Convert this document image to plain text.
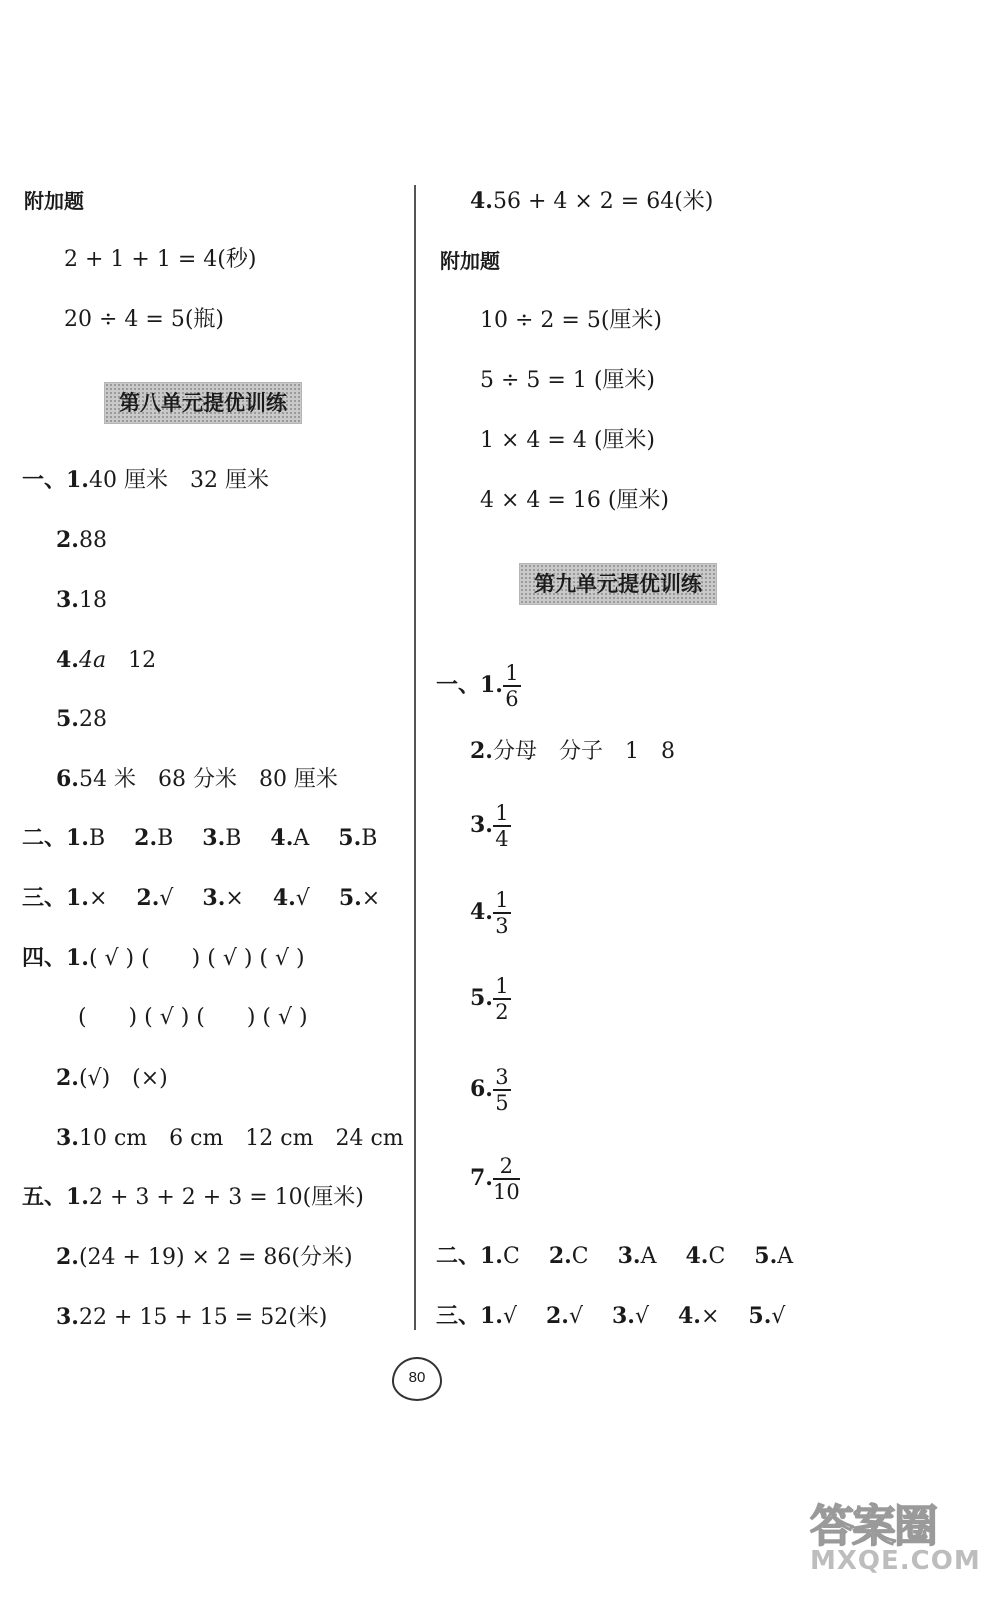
附加题
2 + 1 + 1 = 4(秒)
20 ÷ 4 = 5(瓶)
第八单元提优训练
一、1.40 厘米　32 厘米
2.88
3.18
4.4a 12
5.28
6.54 米　68 分米　80 厘米
二、1.B 2.B 3.B 4.A 5.B
三、1.× 2.√ 3.× 4.√ 5.×
四、1.( √ ) (      ) ( √ ) ( √ )
(      ) ( √ ) (      ) ( √ )
2.(√)　(×)
3.10 cm　6 cm　12 cm　24 cm
五、1.2 + 3 + 2 + 3 = 10(厘米)
2.(24 + 19) × 2 = 86(分米)
3.22 + 15 + 15 = 52(米)
4.56 + 4 × 2 = 64(米)
附加题
10 ÷ 2 = 5(厘米)
5 ÷ 5 = 1 (厘米)
1 × 4 = 4 (厘米)
4 × 4 = 16 (厘米)
第九单元提优训练
一、1. $\frac{1}{6}$
2.分母　分子　1　8
3. $\frac{1}{4}$
4. $\frac{1}{3}$
5. $\frac{1}{2}$
6. $\frac{3}{5}$
7. $\frac{2}{10}$
二、1.C 2.C 3.A 4.C 5.A
三、1.√ 2.√ 3.√ 4.× 5.√
80
答案圈
MXQE.COM
